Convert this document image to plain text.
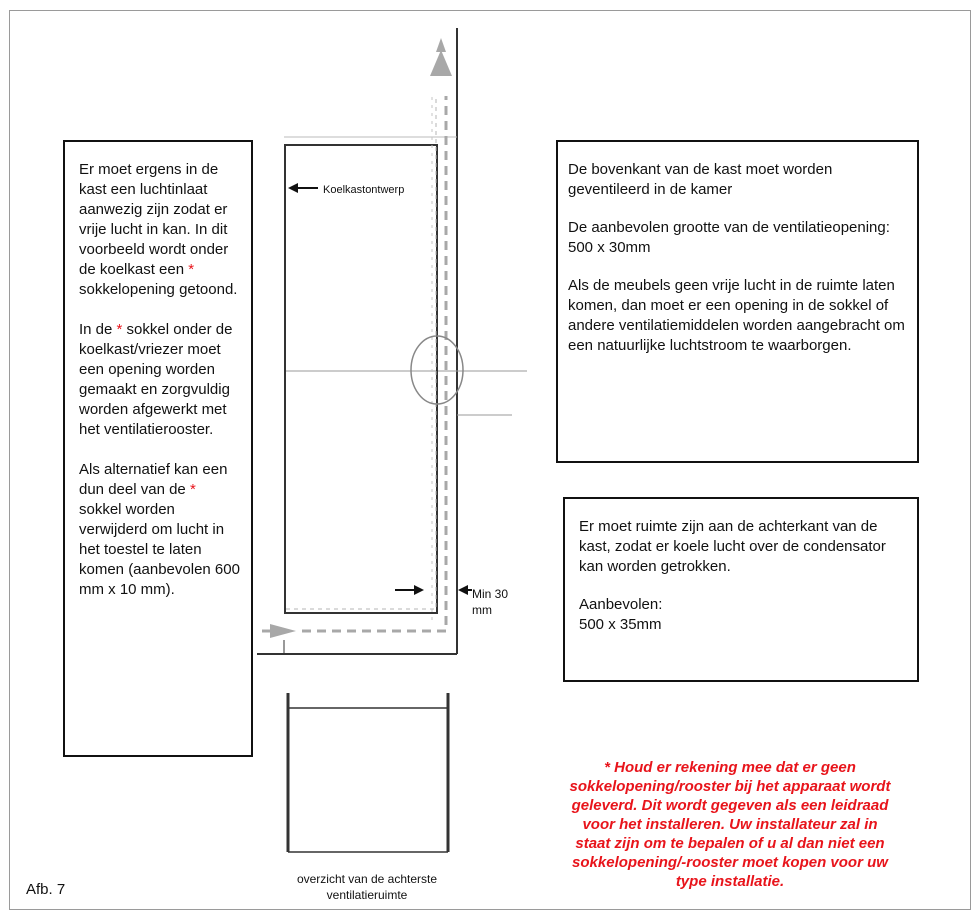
Er moet ergens in de kast een luchtinlaat aanwezig zijn zodat er vrije lucht in kan. In dit voorbeeld wordt onder de koelkast een * sokkelopening getoond.

In de * sokkel onder de koelkast/vriezer moet een opening worden gemaakt en zorgvuldig worden afgewerkt met het ventilatierooster.

Als alternatief kan een dun deel van de * sokkel worden verwijderd om lucht in het toestel te laten komen (aanbevolen 600 mm x 10 mm).

De bovenkant van de kast moet worden geventileerd in de kamer

De aanbevolen grootte van de ventilatieopening:
500 x 30mm

Als de meubels geen vrije lucht in de ruimte laten komen, dan moet er een opening in de sokkel of andere ventilatiemiddelen worden aangebracht om een natuurlijke luchtstroom te waarborgen.

Er moet ruimte zijn aan de achterkant van de kast, zodat er koele lucht over de condensator kan worden getrokken.

Aanbevolen:
500 x 35mm

Koelkastontwerp
Min 30
mm
overzicht van de achterste
ventilatieruimte
Afb. 7
* Houd er rekening mee dat er geen
sokkelopening/rooster bij het apparaat wordt
geleverd. Dit wordt gegeven als een leidraad
voor het installeren. Uw installateur zal in
staat zijn om te bepalen of u al dan niet een
sokkelopening/-rooster moet kopen voor uw
type installatie.
